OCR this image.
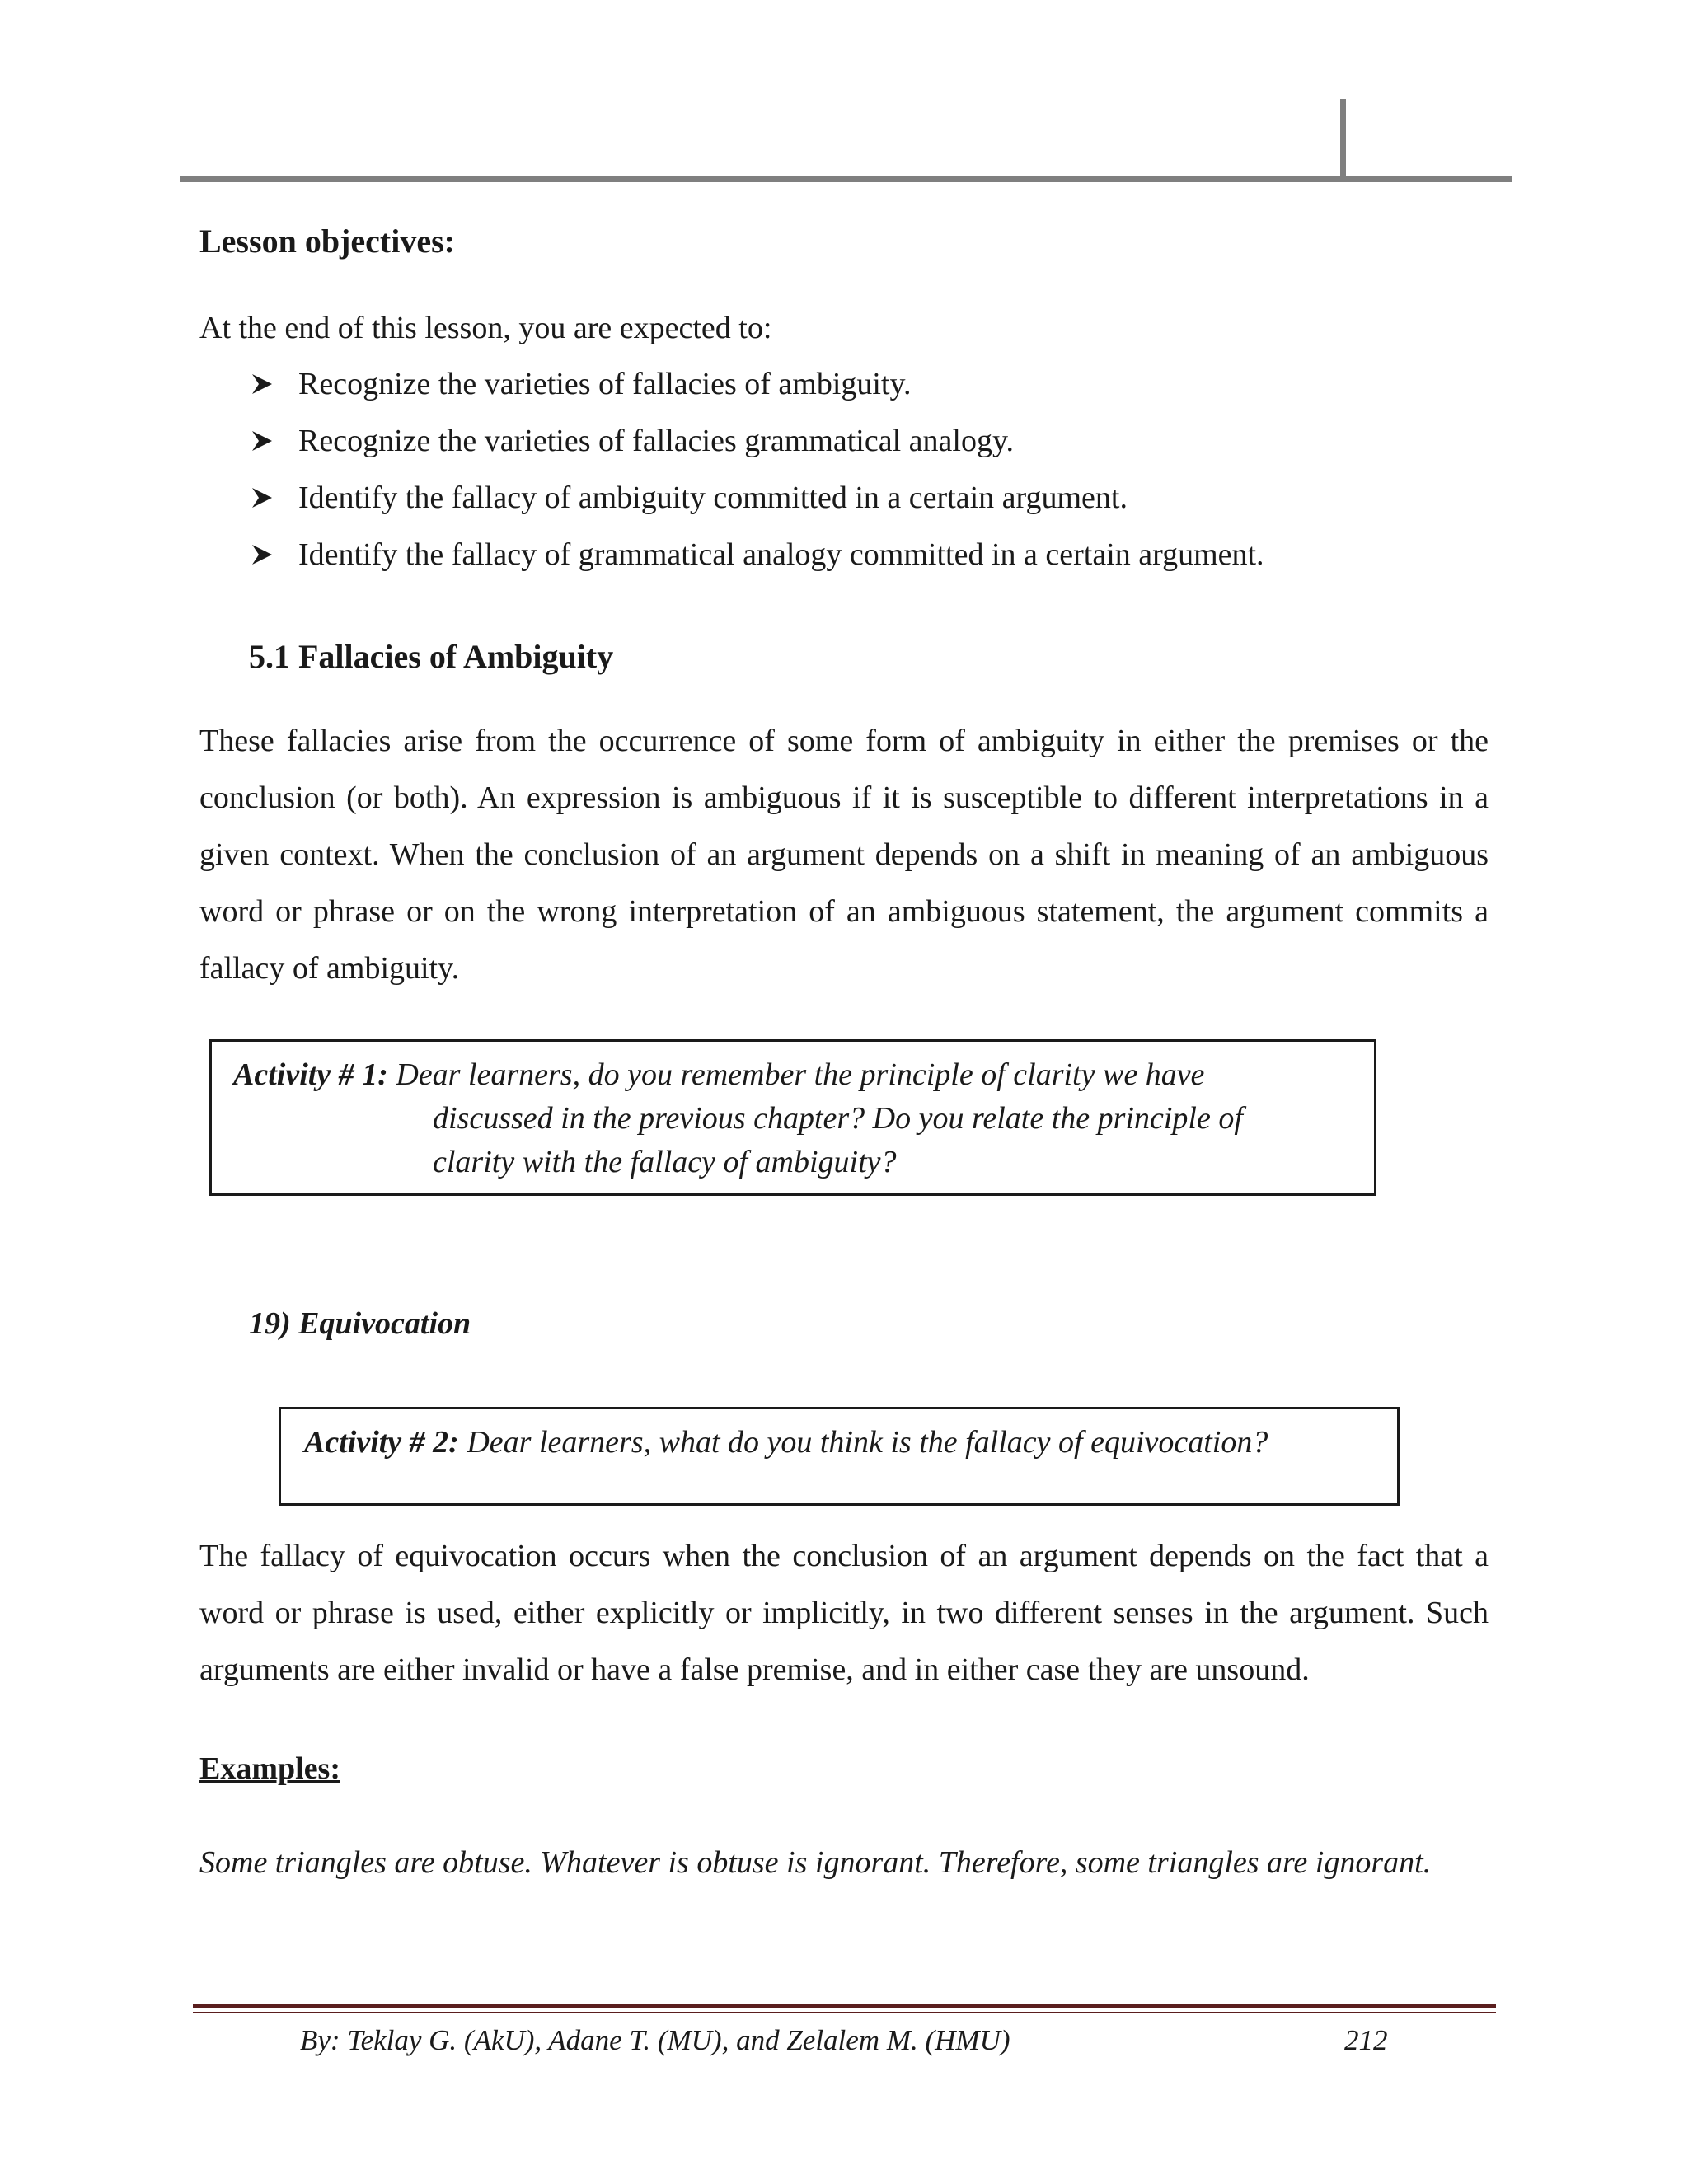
Lesson objectives:
At the end of this lesson, you are expected to:
Recognize the varieties of fallacies of ambiguity.
Recognize the varieties of fallacies grammatical analogy.
Identify the fallacy of ambiguity committed in a certain argument.
Identify the fallacy of grammatical analogy committed in a certain argument.
5.1 Fallacies of Ambiguity

These fallacies arise from the occurrence of some form of ambiguity in either the premises or the conclusion (or both). An expression is ambiguous if it is susceptible to different interpretations in a given context. When the conclusion of an argument depends on a shift in meaning of an ambiguous word or phrase or on the wrong interpretation of an ambiguous statement, the argument commits a fallacy of ambiguity.

Activity # 1: Dear learners, do you remember the principle of clarity we have
discussed in the previous chapter? Do you relate the principle of
clarity with the fallacy of ambiguity?
19) Equivocation
Activity # 2: Dear learners, what do you think is the fallacy of equivocation?

The fallacy of equivocation occurs when the conclusion of an argument depends on the fact that a word or phrase is used, either explicitly or implicitly, in two different senses in the argument. Such arguments are either invalid or have a false premise, and in either case they are unsound.

Examples:

Some triangles are obtuse. Whatever is obtuse is ignorant. Therefore, some triangles are ignorant.

By: Teklay G. (AkU), Adane T. (MU), and Zelalem M. (HMU)	212
